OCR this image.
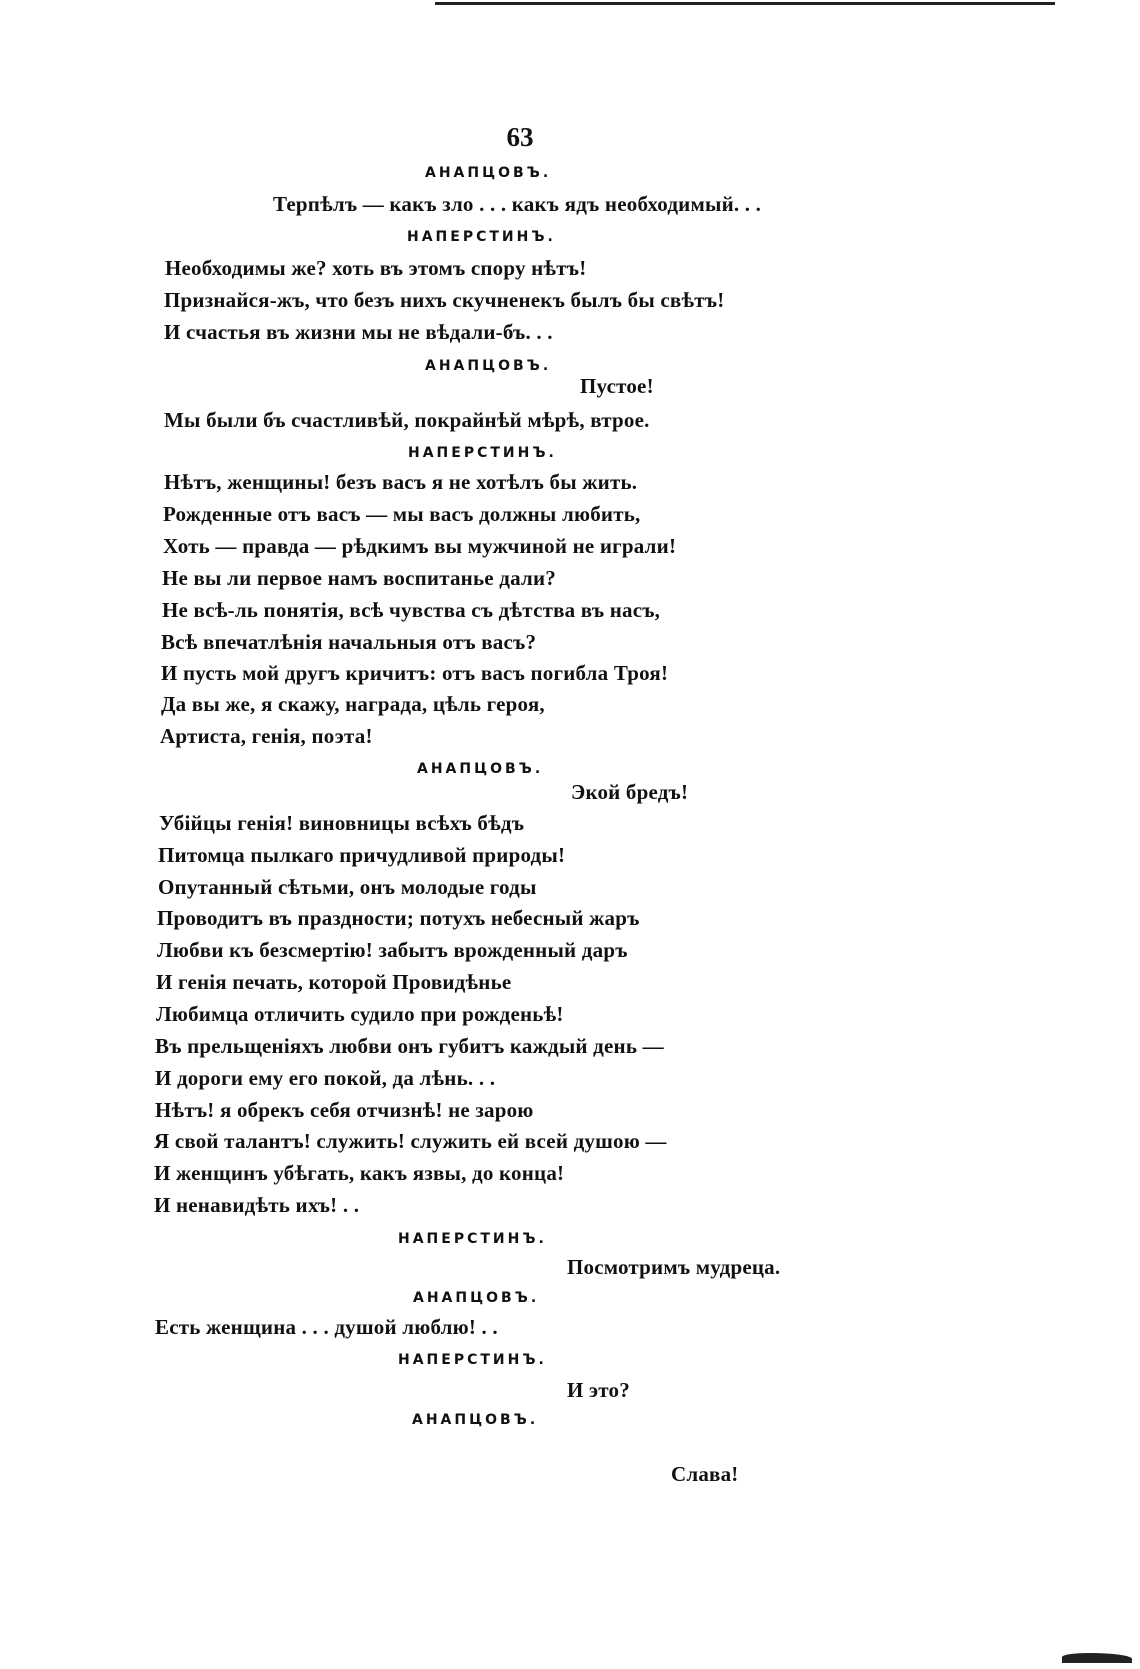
63
АНАПЦОВЪ.
Терпѣлъ — какъ зло . . . какъ ядъ необходимый. . .
НАПЕРСТИНЪ.
Необходимы же? хоть въ этомъ спору нѣтъ!
Признайся-жъ, что безъ нихъ скучненекъ былъ бы свѣтъ!
И счастья въ жизни мы не вѣдали-бъ. . .
АНАПЦОВЪ.
Пустое!
Мы были бъ счастливѣй, покрайнѣй мѣрѣ, втрое.
НАПЕРСТИНЪ.
Нѣтъ, женщины! безъ васъ я не хотѣлъ бы жить.
Рожденные отъ васъ — мы васъ должны любить,
Хоть — правда — рѣдкимъ вы мужчиной не играли!
Не вы ли первое намъ воспитанье дали?
Не всѣ-ль понятія, всѣ чувства съ дѣтства въ насъ,
Всѣ впечатлѣнія начальныя отъ васъ?
И пусть мой другъ кричитъ: отъ васъ погибла Троя!
Да вы же, я скажу, награда, цѣль героя,
Артиста, генія, поэта!
АНАПЦОВЪ.
Экой бредъ!
Убійцы генія! виновницы всѣхъ бѣдъ
Питомца пылкаго причудливой природы!
Опутанный сѣтьми, онъ молодые годы
Проводитъ въ праздности; потухъ небесный жаръ
Любви къ безсмертію! забытъ врожденный даръ
И генія печать, которой Провидѣнье
Любимца отличить судило при рожденьѣ!
Въ прельщеніяхъ любви онъ губитъ каждый день —
И дороги ему его покой, да лѣнь. . .
Нѣтъ! я обрекъ себя отчизнѣ! не зарою
Я свой талантъ! служить! служить ей всей душою —
И женщинъ убѣгать, какъ язвы, до конца!
И ненавидѣть ихъ! . .
НАПЕРСТИНЪ.
Посмотримъ мудреца.
АНАПЦОВЪ.
Есть женщина . . . душой люблю! . .
НАПЕРСТИНЪ.
И это?
АНАПЦОВЪ.
Слава!
